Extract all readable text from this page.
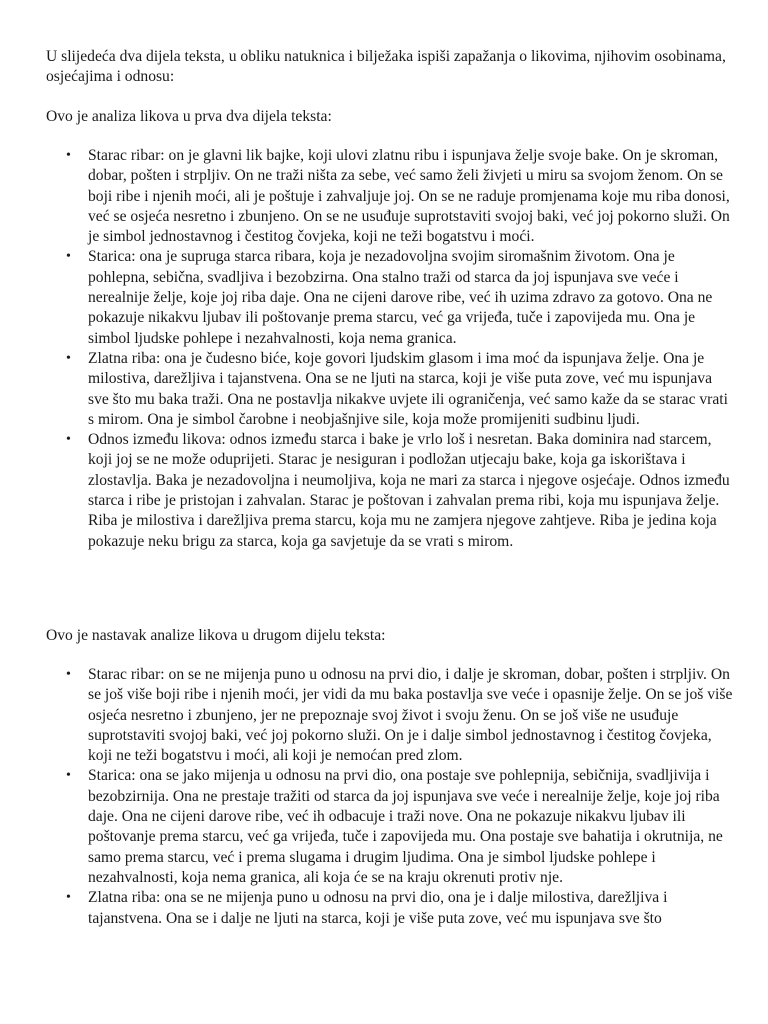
U slijedeća dva dijela teksta, u obliku natuknica i bilježaka ispiši zapažanja o likovima, njihovim osobinama, osjećajima i odnosu:

Ovo je analiza likova u prva dva dijela teksta:

• Starac ribar: on je glavni lik bajke, koji ulovi zlatnu ribu i ispunjava želje svoje bake. On je skroman, dobar, pošten i strpljiv. On ne traži ništa za sebe, već samo želi živjeti u miru sa svojom ženom. On se boji ribe i njenih moći, ali je poštuje i zahvaljuje joj. On se ne raduje promjenama koje mu riba donosi, već se osjeća nesretno i zbunjeno. On se ne usuđuje suprotstaviti svojoj baki, već joj pokorno služi. On je simbol jednostavnog i čestitog čovjeka, koji ne teži bogatstvu i moći.
• Starica: ona je supruga starca ribara, koja je nezadovoljna svojim siromašnim životom. Ona je pohlepna, sebična, svadljiva i bezobzirna. Ona stalno traži od starca da joj ispunjava sve veće i nerealnije želje, koje joj riba daje. Ona ne cijeni darove ribe, već ih uzima zdravo za gotovo. Ona ne pokazuje nikakvu ljubav ili poštovanje prema starcu, već ga vrijeđa, tuče i zapovijeda mu. Ona je simbol ljudske pohlepe i nezahvalnosti, koja nema granica.
• Zlatna riba: ona je čudesno biće, koje govori ljudskim glasom i ima moć da ispunjava želje. Ona je milostiva, darežljiva i tajanstvena. Ona se ne ljuti na starca, koji je više puta zove, već mu ispunjava sve što mu baka traži. Ona ne postavlja nikakve uvjete ili ograničenja, već samo kaže da se starac vrati s mirom. Ona je simbol čarobne i neobjašnjive sile, koja može promijeniti sudbinu ljudi.
• Odnos između likova: odnos između starca i bake je vrlo loš i nesretan. Baka dominira nad starcem, koji joj se ne može oduprijeti. Starac je nesiguran i podložan utjecaju bake, koja ga iskorištava i zlostavlja. Baka je nezadovoljna i neumoljiva, koja ne mari za starca i njegove osjećaje. Odnos između starca i ribe je pristojan i zahvalan. Starac je poštovan i zahvalan prema ribi, koja mu ispunjava želje. Riba je milostiva i darežljiva prema starcu, koja mu ne zamjera njegove zahtjeve. Riba je jedina koja pokazuje neku brigu za starca, koja ga savjetuje da se vrati s mirom.

Ovo je nastavak analize likova u drugom dijelu teksta:

• Starac ribar: on se ne mijenja puno u odnosu na prvi dio, i dalje je skroman, dobar, pošten i strpljiv. On se još više boji ribe i njenih moći, jer vidi da mu baka postavlja sve veće i opasnije želje. On se još više osjeća nesretno i zbunjeno, jer ne prepoznaje svoj život i svoju ženu. On se još više ne usuđuje suprotstaviti svojoj baki, već joj pokorno služi. On je i dalje simbol jednostavnog i čestitog čovjeka, koji ne teži bogatstvu i moći, ali koji je nemoćan pred zlom.
• Starica: ona se jako mijenja u odnosu na prvi dio, ona postaje sve pohlepnija, sebičnija, svadljivija i bezobzirnija. Ona ne prestaje tražiti od starca da joj ispunjava sve veće i nerealnije želje, koje joj riba daje. Ona ne cijeni darove ribe, već ih odbacuje i traži nove. Ona ne pokazuje nikakvu ljubav ili poštovanje prema starcu, već ga vrijeđa, tuče i zapovijeda mu. Ona postaje sve bahatija i okrutnija, ne samo prema starcu, već i prema slugama i drugim ljudima. Ona je simbol ljudske pohlepe i nezahvalnosti, koja nema granica, ali koja će se na kraju okrenuti protiv nje.
• Zlatna riba: ona se ne mijenja puno u odnosu na prvi dio, ona je i dalje milostiva, darežljiva i tajanstvena. Ona se i dalje ne ljuti na starca, koji je više puta zove, već mu ispunjava sve što
